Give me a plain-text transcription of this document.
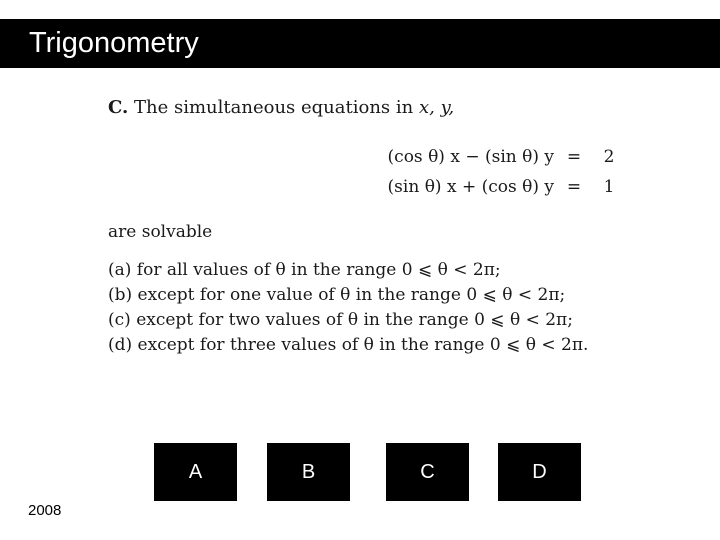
Trigonometry
C. The simultaneous equations in x, y,
(cos θ) x − (sin θ) y =	2
(sin θ) x + (cos θ) y =	1
are solvable
(a) for all values of θ in the range 0 ⩽ θ < 2π;
(b) except for one value of θ in the range 0 ⩽ θ < 2π;
(c) except for two values of θ in the range 0 ⩽ θ < 2π;
(d) except for three values of θ in the range 0 ⩽ θ < 2π.
A	B	C	D
2008
